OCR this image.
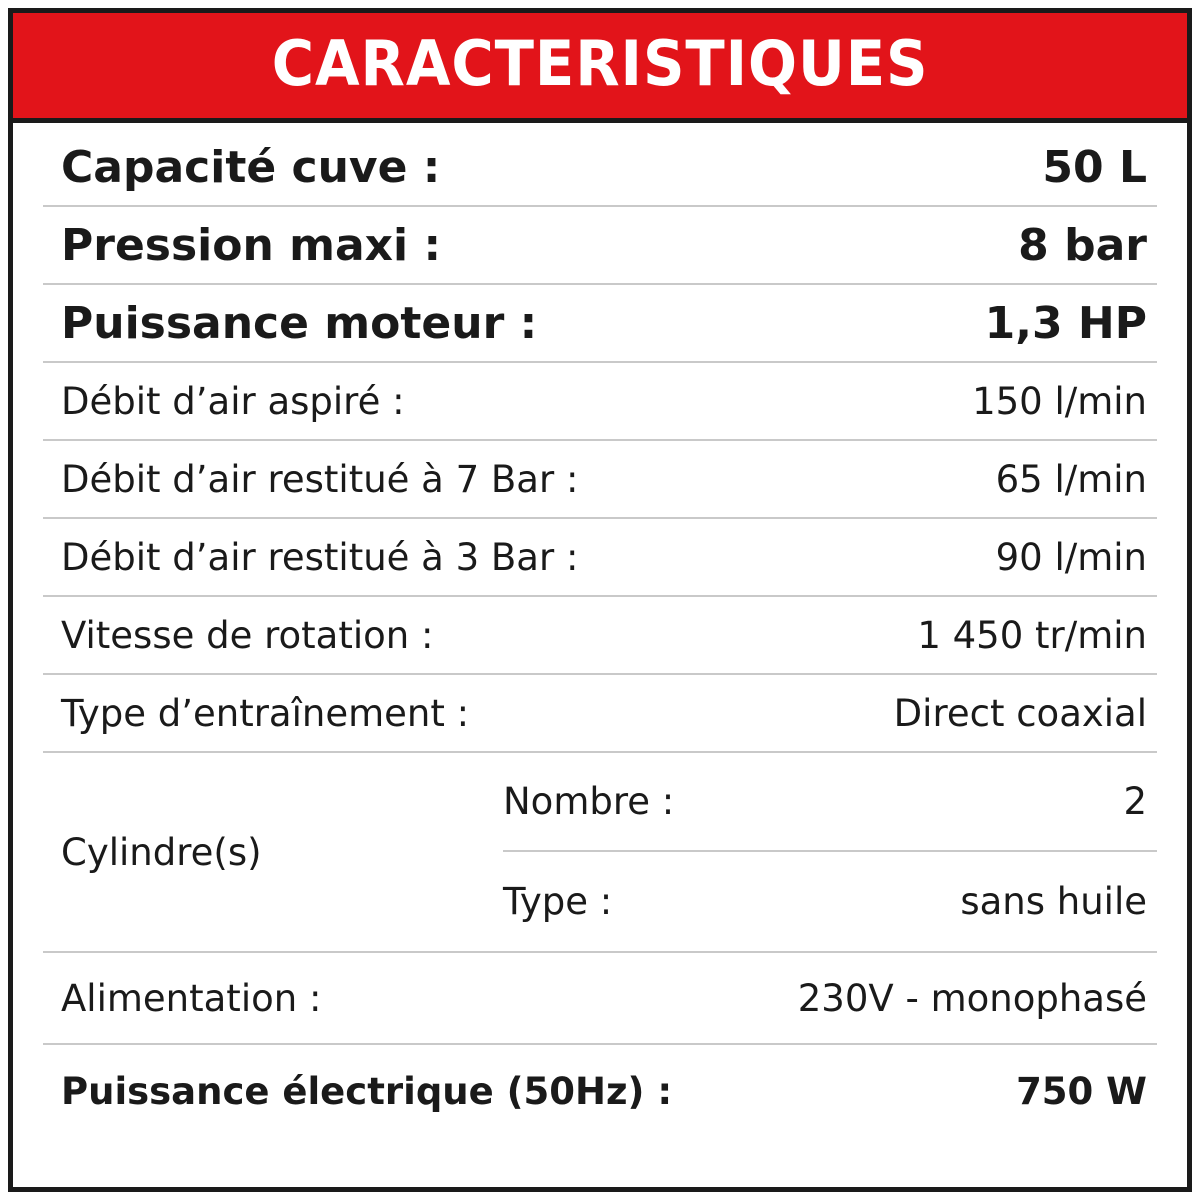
CARACTERISTIQUES
Capacité cuve :	50 L
Pression maxi :	8 bar
Puissance moteur :	1,3 HP
Débit d’air aspiré :	150 l/min
Débit d’air restitué à 7 Bar :	65 l/min
Débit d’air restitué à 3 Bar :	90 l/min
Vitesse de rotation :	1 450 tr/min
Type d’entraînement :	Direct coaxial
Cylindre(s)
Nombre :	2
Type :	sans huile
Alimentation :	230V - monophasé
Puissance électrique (50Hz) :	750 W
